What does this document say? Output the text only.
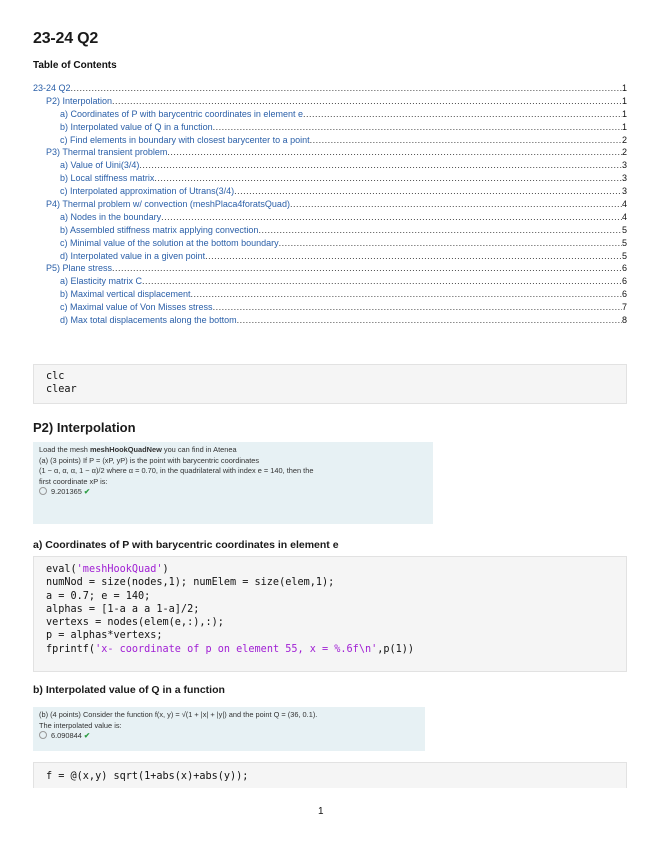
23-24 Q2
Table of Contents
23-24 Q2 .....	1
P2) Interpolation .....	1
a) Coordinates of P with barycentric coordinates in element e .....	1
b) Interpolated value of Q in a function .....	1
c) Find elements in boundary with closest barycenter to a point .....	2
P3) Thermal transient problem .....	2
a) Value of Uini(3/4) .....	3
b) Local stiffness matrix .....	3
c) Interpolated approximation of Utrans(3/4) .....	3
P4) Thermal problem w/ convection (meshPlaca4foratsQuad) .....	4
a) Nodes in the boundary .....	4
b) Assembled stiffness matrix applying convection .....	5
c) Minimal value of the solution at the bottom boundary .....	5
d) Interpolated value in a given point .....	5
P5) Plane stress .....	6
a) Elasticity matrix C .....	6
b) Maximal vertical displacement .....	6
c) Maximal value of Von Misses stress .....	7
d) Max total displacements along the bottom .....	8
clc
clear
P2) Interpolation
Load the mesh meshHookQuadNew you can find in Atenea
(a) (3 points) If P = (xP, yP) is the point with barycentric coordinates
(1 − α, α, α, 1 − α)/2 where α = 0.70, in the quadrilateral with index e = 140, then the
first coordinate xP is:
9.201365 ✔
a) Coordinates of P with barycentric coordinates in element e
eval('meshHookQuad')
numNod = size(nodes,1); numElem = size(elem,1);
a = 0.7; e = 140;
alphas = [1-a a a 1-a]/2;
vertexs = nodes(elem(e,:),:);
p = alphas*vertexs;
fprintf('x- coordinate of p on element 55, x = %.6f\n',p(1))
b) Interpolated value of Q in a function
(b) (4 points) Consider the function f(x, y) = √(1 + |x| + |y|) and the point Q = (36, 0.1).
The interpolated value is:
6.090844 ✔
f = @(x,y) sqrt(1+abs(x)+abs(y));
1
